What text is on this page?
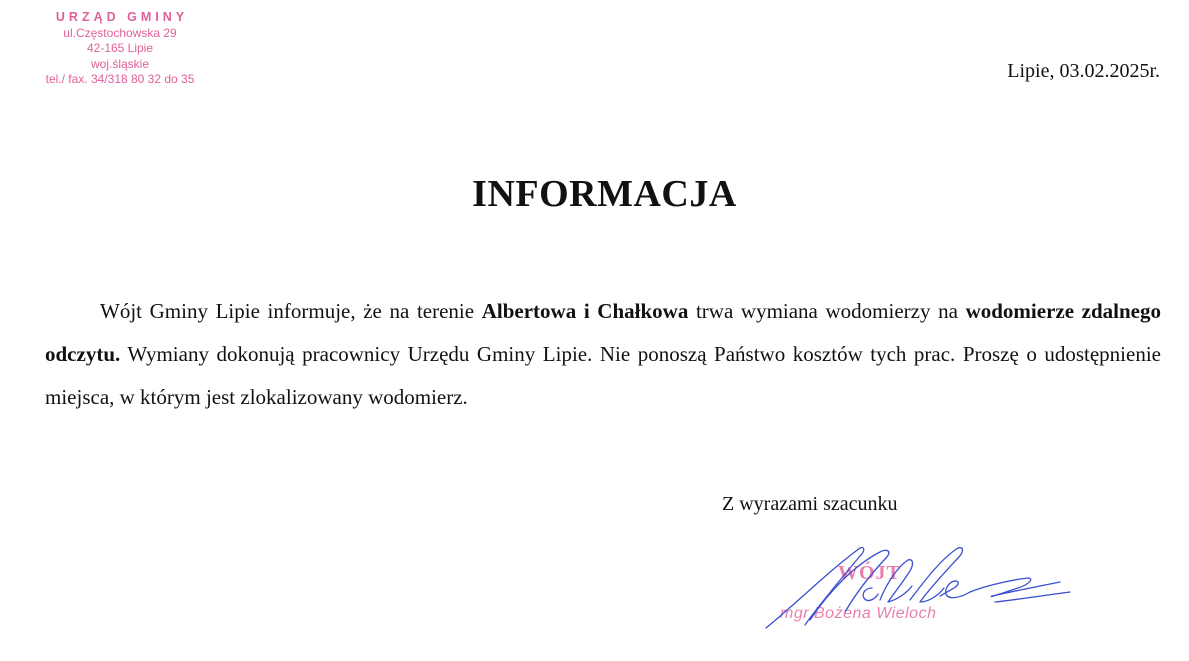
URZĄD GMINY
ul.Częstochowska 29
42-165 Lipie
woj.śląskie
tel./ fax. 34/318 80 32 do 35	Lipie, 03.02.2025r.
INFORMACJA
Wójt Gminy Lipie informuje, że na terenie Albertowa i Chałkowa trwa wymiana wodomierzy na wodomierze zdalnego odczytu. Wymiany dokonują pracownicy Urzędu Gminy Lipie. Nie ponoszą Państwo kosztów tych prac. Proszę o udostępnienie miejsca, w którym jest zlokalizowany wodomierz.
Z wyrazami szacunku
WÓJT
mgr Bożena Wieloch
